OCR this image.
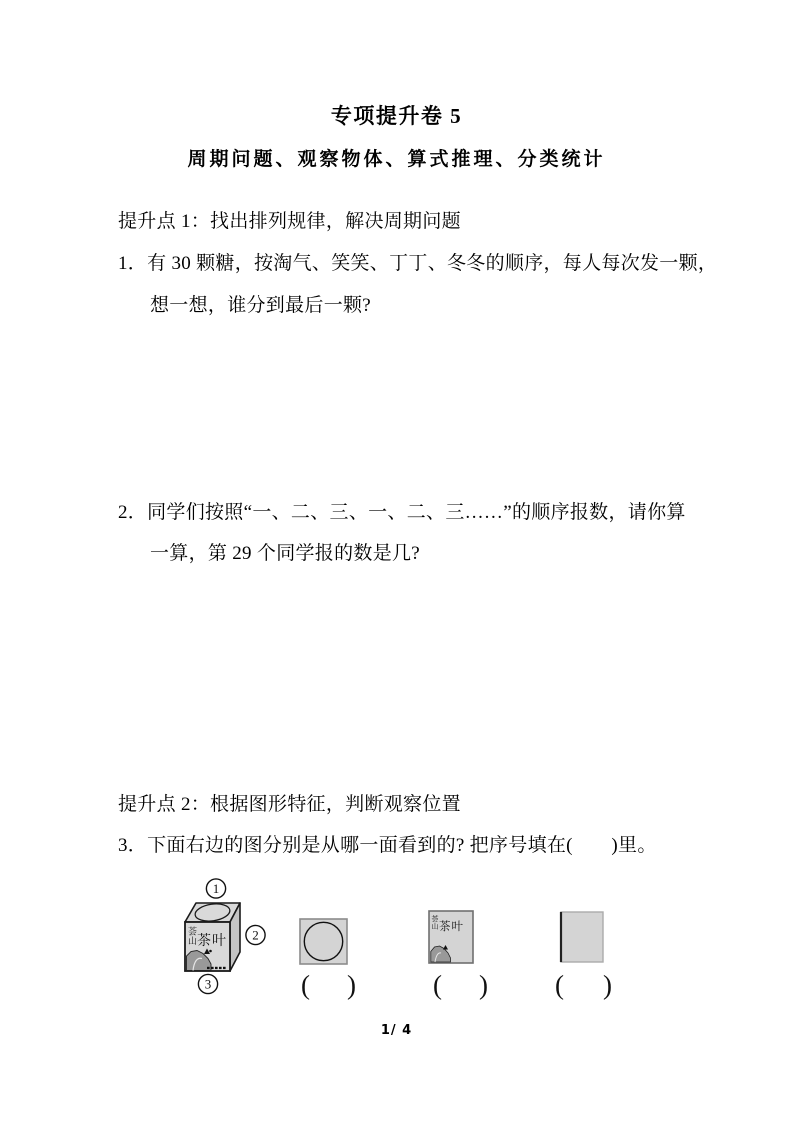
专项提升卷 5
周期问题、观察物体、算式推理、分类统计
提升点 1：找出排列规律，解决周期问题
1．有 30 颗糖，按淘气、笑笑、丁丁、冬冬的顺序，每人每次发一颗，
想一想，谁分到最后一颗?
2．同学们按照“一、二、三、一、二、三……”的顺序报数，请你算
一算，第 29 个同学报的数是几?
提升点 2：根据图形特征，判断观察位置
3．下面右边的图分别是从哪一面看到的? 把序号填在(　　)里。
荟
山 茶叶
1
2
3	( )
荟
山 茶叶
( ) ( )
1/ 4
